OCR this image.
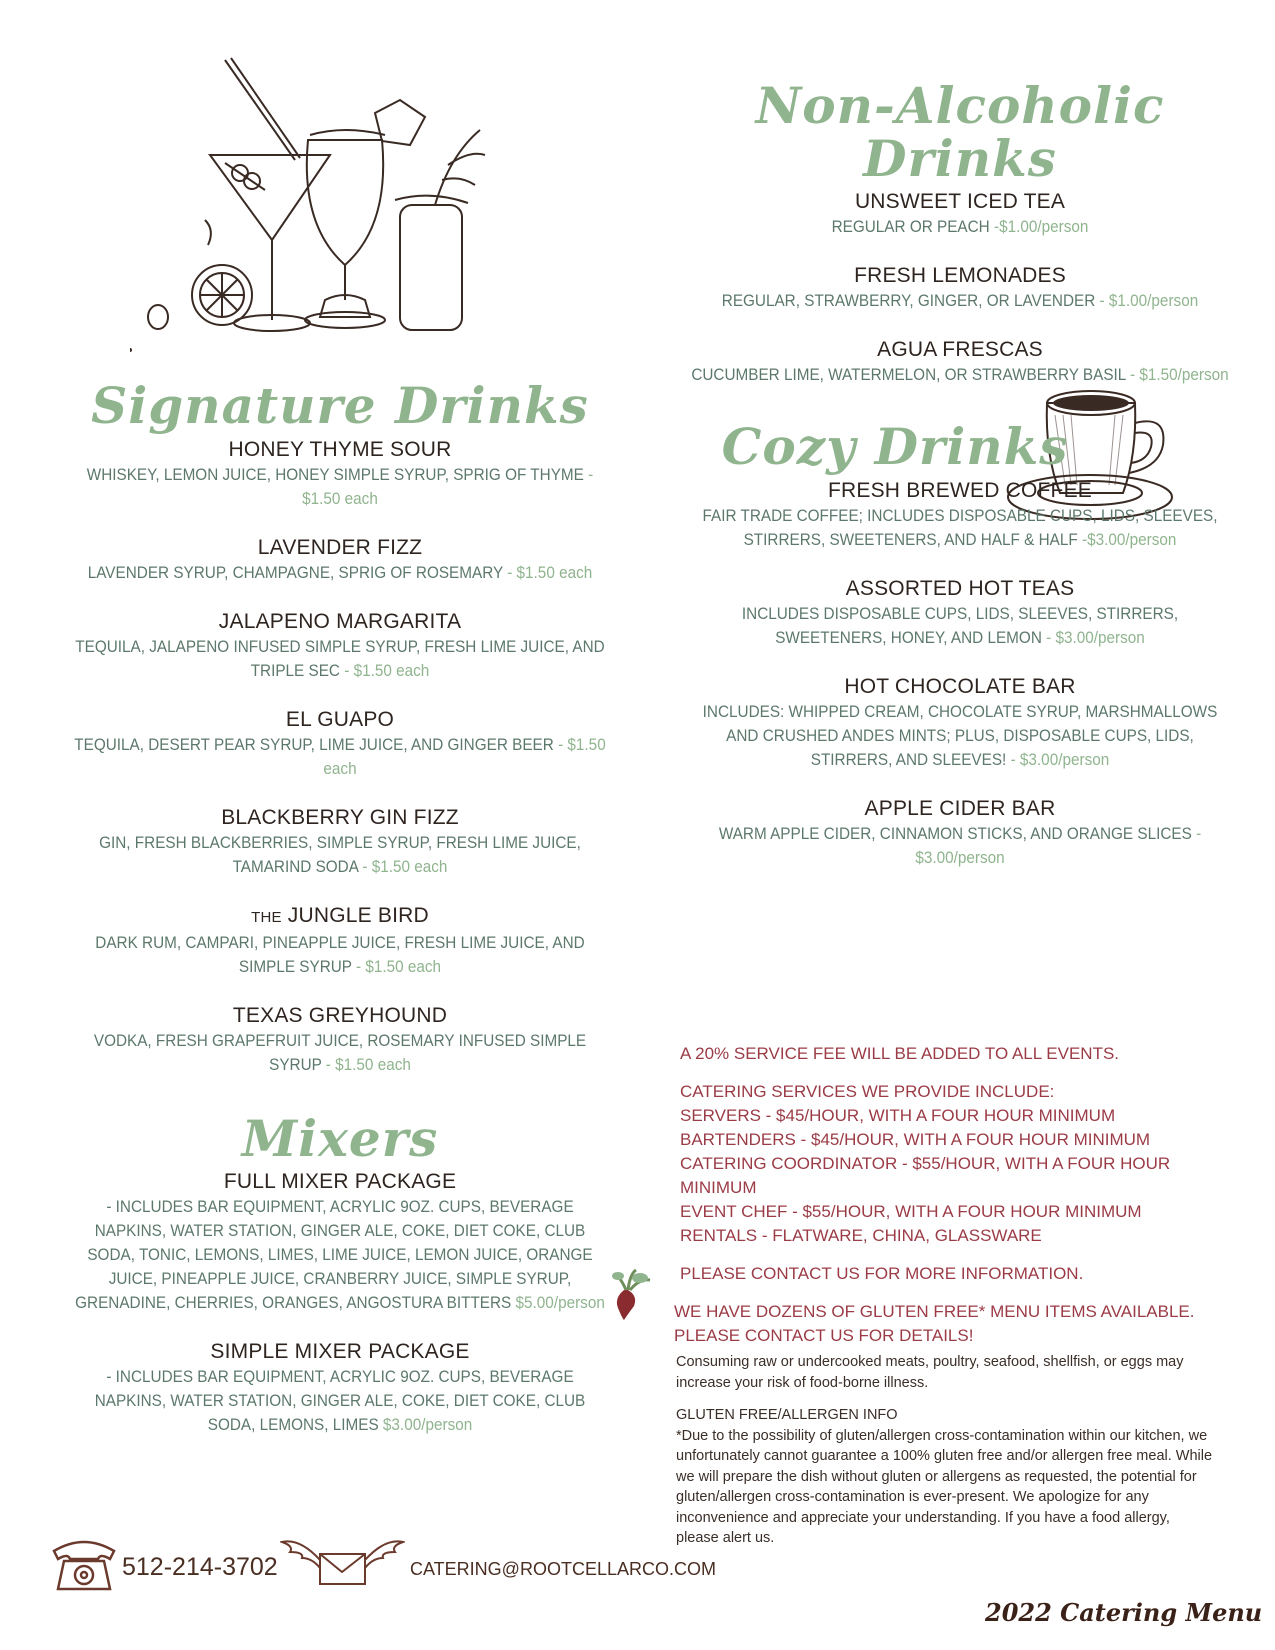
Signature Drinks
HONEY THYME SOUR
WHISKEY, LEMON JUICE, HONEY SIMPLE SYRUP, SPRIG OF THYME - $1.50 each
LAVENDER FIZZ
LAVENDER SYRUP, CHAMPAGNE, SPRIG OF ROSEMARY - $1.50 each
JALAPENO MARGARITA
TEQUILA, JALAPENO INFUSED SIMPLE SYRUP, FRESH LIME JUICE, AND TRIPLE SEC - $1.50 each
EL GUAPO
TEQUILA, DESERT PEAR SYRUP, LIME JUICE, AND GINGER BEER - $1.50 each
BLACKBERRY GIN FIZZ
GIN, FRESH BLACKBERRIES, SIMPLE SYRUP, FRESH LIME JUICE, TAMARIND SODA - $1.50 each
THE JUNGLE BIRD
DARK RUM, CAMPARI, PINEAPPLE JUICE, FRESH LIME JUICE, AND SIMPLE SYRUP - $1.50 each
TEXAS GREYHOUND
VODKA, FRESH GRAPEFRUIT JUICE, ROSEMARY INFUSED SIMPLE SYRUP - $1.50 each
Mixers
FULL MIXER PACKAGE
- INCLUDES BAR EQUIPMENT, ACRYLIC 9OZ. CUPS, BEVERAGE NAPKINS, WATER STATION, GINGER ALE, COKE, DIET COKE, CLUB SODA, TONIC, LEMONS, LIMES, LIME JUICE, LEMON JUICE, ORANGE JUICE, PINEAPPLE JUICE, CRANBERRY JUICE, SIMPLE SYRUP, GRENADINE, CHERRIES, ORANGES, ANGOSTURA BITTERS $5.00/person
SIMPLE MIXER PACKAGE
- INCLUDES BAR EQUIPMENT, ACRYLIC 9OZ. CUPS, BEVERAGE NAPKINS, WATER STATION, GINGER ALE, COKE, DIET COKE, CLUB SODA, LEMONS, LIMES $3.00/person
Non-Alcoholic Drinks
UNSWEET ICED TEA
REGULAR OR PEACH -$1.00/person
FRESH LEMONADES
REGULAR, STRAWBERRY, GINGER, OR LAVENDER - $1.00/person
AGUA FRESCAS
CUCUMBER LIME, WATERMELON, OR STRAWBERRY BASIL - $1.50/person
Cozy Drinks
FRESH BREWED COFFEE
FAIR TRADE COFFEE; INCLUDES DISPOSABLE CUPS, LIDS, SLEEVES, STIRRERS, SWEETENERS, AND HALF & HALF -$3.00/person
ASSORTED HOT TEAS
INCLUDES DISPOSABLE CUPS, LIDS, SLEEVES, STIRRERS, SWEETENERS, HONEY, AND LEMON - $3.00/person
HOT CHOCOLATE BAR
INCLUDES: WHIPPED CREAM, CHOCOLATE SYRUP, MARSHMALLOWS AND CRUSHED ANDES MINTS; PLUS, DISPOSABLE CUPS, LIDS, STIRRERS, AND SLEEVES! - $3.00/person
APPLE CIDER BAR
WARM APPLE CIDER, CINNAMON STICKS, AND ORANGE SLICES - $3.00/person

A 20% SERVICE FEE WILL BE ADDED TO ALL EVENTS.

CATERING SERVICES WE PROVIDE INCLUDE:
SERVERS - $45/HOUR, WITH A FOUR HOUR MINIMUM
BARTENDERS - $45/HOUR, WITH A FOUR HOUR MINIMUM
CATERING COORDINATOR - $55/HOUR, WITH A FOUR HOUR MINIMUM
EVENT CHEF - $55/HOUR, WITH A FOUR HOUR MINIMUM
RENTALS - FLATWARE, CHINA, GLASSWARE

PLEASE CONTACT US FOR MORE INFORMATION.

WE HAVE DOZENS OF GLUTEN FREE* MENU ITEMS AVAILABLE.
PLEASE CONTACT US FOR DETAILS!

Consuming raw or undercooked meats, poultry, seafood, shellfish, or eggs may increase your risk of food-borne illness.

GLUTEN FREE/ALLERGEN INFO
*Due to the possibility of gluten/allergen cross-contamination within our kitchen, we unfortunately cannot guarantee a 100% gluten free and/or allergen free meal. While we will prepare the dish without gluten or allergens as requested, the potential for gluten/allergen cross-contamination is ever-present. We apologize for any inconvenience and appreciate your understanding. If you have a food allergy, please alert us.

512-214-3702	CATERING@ROOTCELLARCO.COM
2022 Catering Menu
